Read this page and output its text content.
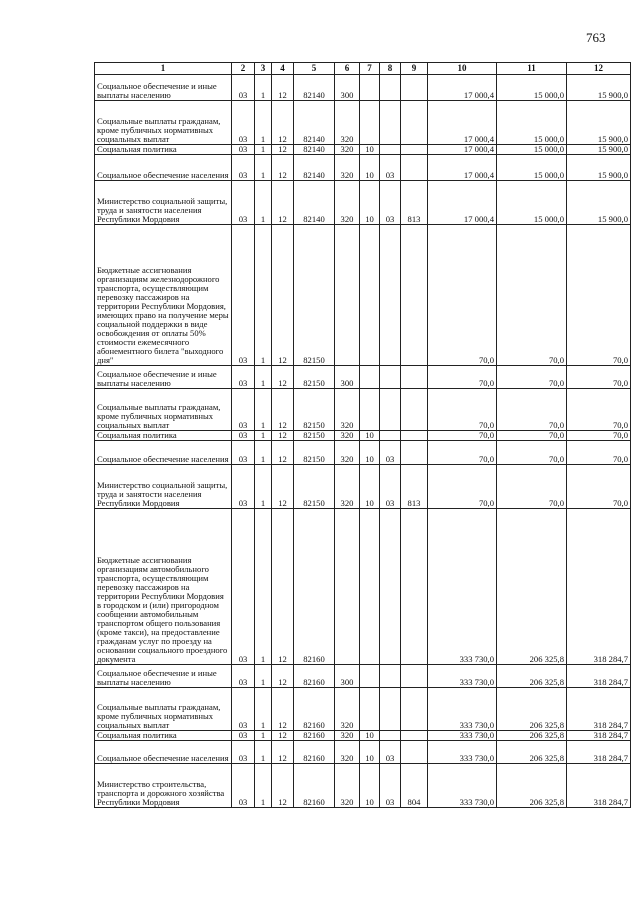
763
1	2	3	4	5	6	7	8	9	10	11	12

Социальное обеспечение и иные выплаты населению	03	1	12	82140	300				17 000,4	15 000,0	15 900,0

Социальные выплаты гражданам, кроме публичных нормативных социальных выплат	03	1	12	82140	320				17 000,4	15 000,0	15 900,0

Социальная политика	03	1	12	82140	320	10			17 000,4	15 000,0	15 900,0

Социальное обеспечение населения	03	1	12	82140	320	10	03		17 000,4	15 000,0	15 900,0

Министерство социальной защиты, труда и занятости населения Республики Мордовия	03	1	12	82140	320	10	03	813	17 000,4	15 000,0	15 900,0

Бюджетные ассигнования организациям железнодорожного транспорта, осуществляющим перевозку пассажиров на территории Республики Мордовия, имеющих право на получение меры социальной поддержки в виде освобождения от оплаты 50% стоимости ежемесячного абонементного билета "выходного дня"	03	1	12	82150					70,0	70,0	70,0

Социальное обеспечение и иные выплаты населению	03	1	12	82150	300				70,0	70,0	70,0

Социальные выплаты гражданам, кроме публичных нормативных социальных выплат	03	1	12	82150	320				70,0	70,0	70,0

Социальная политика	03	1	12	82150	320	10			70,0	70,0	70,0

Социальное обеспечение населения	03	1	12	82150	320	10	03		70,0	70,0	70,0

Министерство социальной защиты, труда и занятости населения Республики Мордовия	03	1	12	82150	320	10	03	813	70,0	70,0	70,0

Бюджетные ассигнования организациям автомобильного транспорта, осуществляющим перевозку пассажиров на территории Республики Мордовия в городском и (или) пригородном сообщении автомобильным транспортом общего пользования (кроме такси), на предоставление гражданам услуг по проезду на основании социального проездного документа	03	1	12	82160					333 730,0	206 325,8	318 284,7

Социальное обеспечение и иные выплаты населению	03	1	12	82160	300				333 730,0	206 325,8	318 284,7

Социальные выплаты гражданам, кроме публичных нормативных социальных выплат	03	1	12	82160	320				333 730,0	206 325,8	318 284,7

Социальная политика	03	1	12	82160	320	10			333 730,0	206 325,8	318 284,7

Социальное обеспечение населения	03	1	12	82160	320	10	03		333 730,0	206 325,8	318 284,7

Министерство строительства, транспорта и дорожного хозяйства Республики Мордовия	03	1	12	82160	320	10	03	804	333 730,0	206 325,8	318 284,7
